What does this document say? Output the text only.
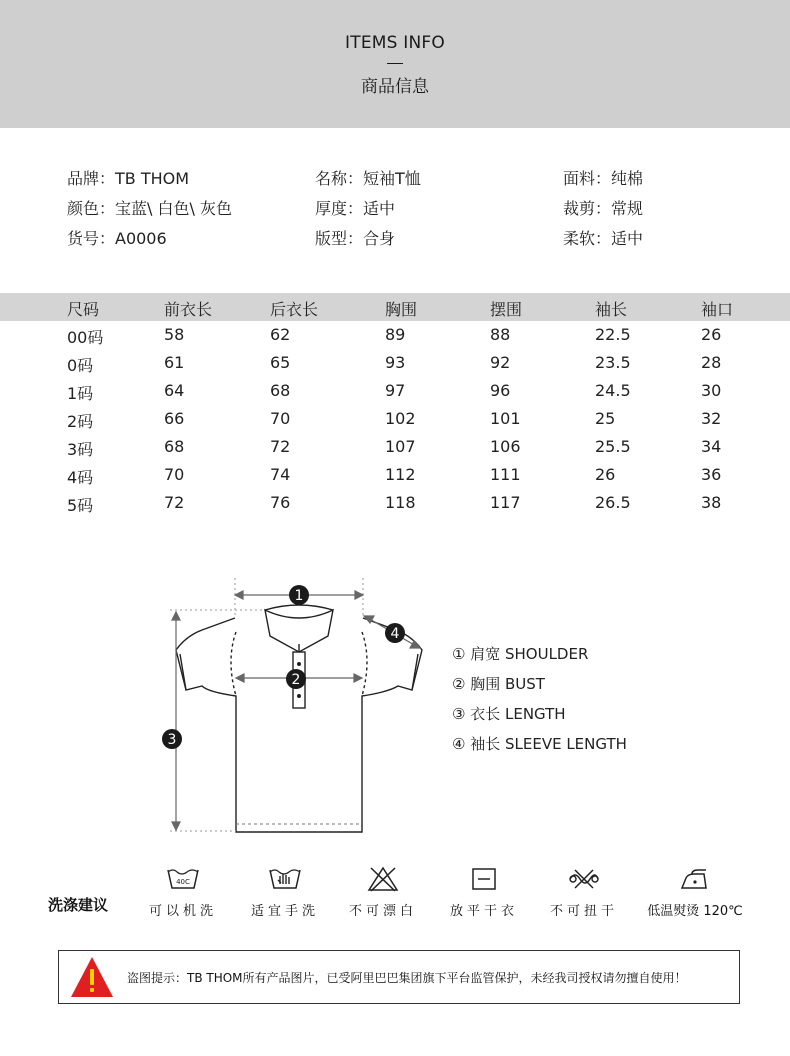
ITEMS INFO
商品信息
品牌：TB THOM	名称：短袖T恤	面料：纯棉
颜色：宝蓝\ 白色\ 灰色	厚度：适中	裁剪：常规
货号：A0006	版型：合身	柔软：适中
尺码	前衣长	后衣长	胸围	摆围	袖长	袖口
00码	58	62	89	88	22.5	26
0码	61	65	93	92	23.5	28
1码	64	68	97	96	24.5	30
2码	66	70	102	101	25	32
3码	68	72	107	106	25.5	34
4码	70	74	112	111	26	36
5码	72	76	118	117	26.5	38
1
2
3
4
① 肩宽 SHOULDER
② 胸围 BUST
③ 衣长 LENGTH
④ 袖长 SLEEVE LENGTH
洗涤建议
40C
可以机洗	适宜手洗	不可漂白	放平干衣	不可扭干	低温熨烫 120℃
盗图提示：TB THOM所有产品图片，已受阿里巴巴集团旗下平台监管保护，未经我司授权请勿擅自使用！
